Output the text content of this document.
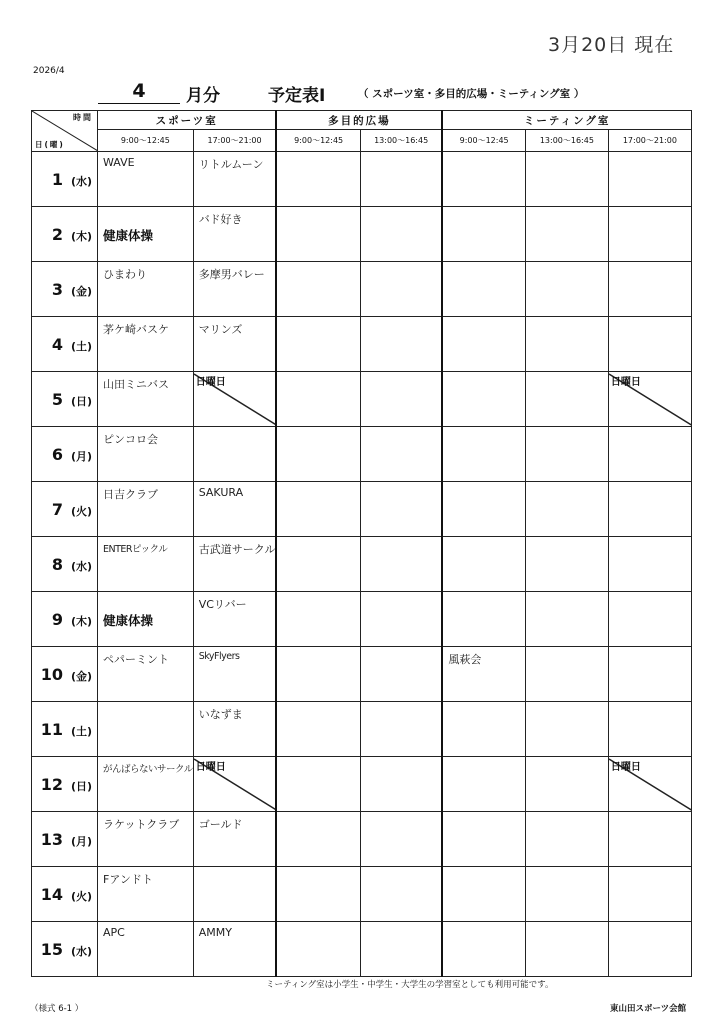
3月20日 現在
2026/4
4	月分	予定表Ⅰ	（ スポーツ室・多目的広場・ミーティング室 ）
時間
日(曜)	スポーツ室		多目的広場		ミーティング室		
	9:00～12:45	17:00～21:00	9:00～12:45	13:00～16:45	9:00～12:45	13:00～16:45	17:00～21:00
1 (水)	WAVE	リトルムーン					

2 (木)	健康体操	バド好き					

3 (金)	ひまわり	多摩男バレー					

4 (土)	茅ケ崎バスケ	マリンズ					

5 (日)	山田ミニバス	日曜日					日曜日

6 (月)	ピンコロ会						

7 (火)	日吉クラブ	SAKURA					

8 (水)	ENTERピックル	古武道サークル					

9 (木)	健康体操	VCリバー					

10 (金)	ペパーミント	SkyFlyers			風萩会		

11 (土)		いなずま					

12 (日)	がんばらないサークル	日曜日					日曜日

13 (月)	ラケットクラブ	ゴールド					

14 (火)	Fアンドト						

15 (水)	APC	AMMY					

ミーティング室は小学生・中学生・大学生の学習室としても利用可能です。
（様式 6-1 ）	東山田スポーツ会館
